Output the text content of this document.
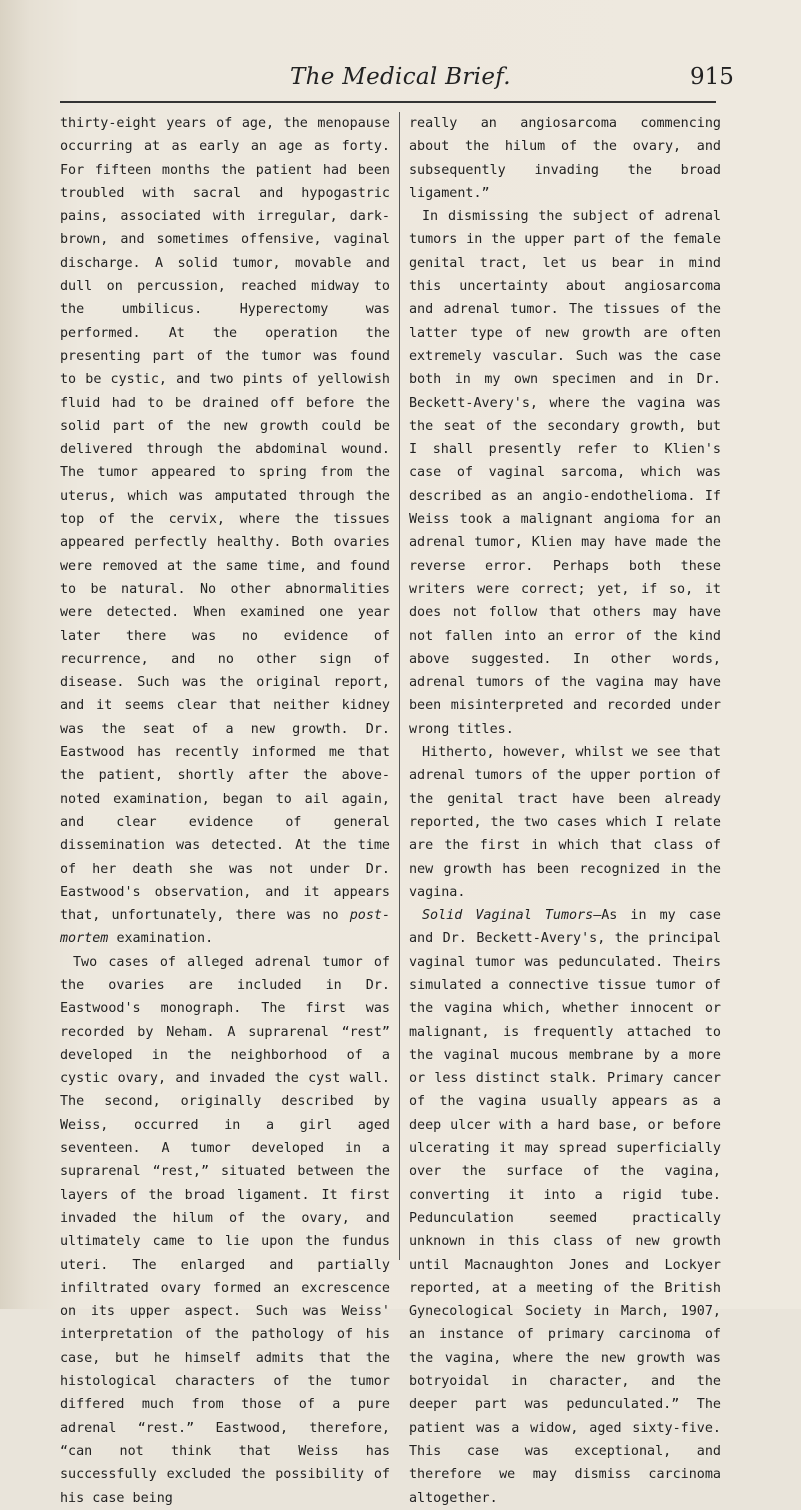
The Medical Brief.	915

thirty-eight years of age, the menopause occurring at as early an age as forty. For fifteen months the patient had been troubled with sacral and hypogastric pains, associated with irregular, dark-brown, and sometimes offensive, vaginal discharge. A solid tumor, movable and dull on percussion, reached midway to the umbilicus. Hyperectomy was performed. At the operation the presenting part of the tumor was found to be cystic, and two pints of yellowish fluid had to be drained off before the solid part of the new growth could be delivered through the abdominal wound. The tumor appeared to spring from the uterus, which was amputated through the top of the cervix, where the tissues appeared perfectly healthy. Both ovaries were removed at the same time, and found to be natural. No other abnormalities were detected. When examined one year later there was no evidence of recurrence, and no other sign of disease. Such was the original report, and it seems clear that neither kidney was the seat of a new growth. Dr. Eastwood has recently informed me that the patient, shortly after the above-noted examination, began to ail again, and clear evidence of general dissemination was detected. At the time of her death she was not under Dr. Eastwood's observation, and it appears that, unfortunately, there was no post-mortem examination.

Two cases of alleged adrenal tumor of the ovaries are included in Dr. Eastwood's monograph. The first was recorded by Neham. A suprarenal “rest” developed in the neighborhood of a cystic ovary, and invaded the cyst wall. The second, originally described by Weiss, occurred in a girl aged seventeen. A tumor developed in a suprarenal “rest,” situated between the layers of the broad ligament. It first invaded the hilum of the ovary, and ultimately came to lie upon the fundus uteri. The enlarged and partially infiltrated ovary formed an excrescence on its upper aspect. Such was Weiss' interpretation of the pathology of his case, but he himself admits that the histological characters of the tumor differed much from those of a pure adrenal “rest.” Eastwood, therefore, “can not think that Weiss has successfully excluded the possibility of his case being

really an angiosarcoma commencing about the hilum of the ovary, and subsequently invading the broad ligament.”

In dismissing the subject of adrenal tumors in the upper part of the female genital tract, let us bear in mind this uncertainty about angiosarcoma and adrenal tumor. The tissues of the latter type of new growth are often extremely vascular. Such was the case both in my own specimen and in Dr. Beckett-Avery's, where the vagina was the seat of the secondary growth, but I shall presently refer to Klien's case of vaginal sarcoma, which was described as an angio-endothelioma. If Weiss took a malignant angioma for an adrenal tumor, Klien may have made the reverse error. Perhaps both these writers were correct; yet, if so, it does not follow that others may have not fallen into an error of the kind above suggested. In other words, adrenal tumors of the vagina may have been misinterpreted and recorded under wrong titles.

Hitherto, however, whilst we see that adrenal tumors of the upper portion of the genital tract have been already reported, the two cases which I relate are the first in which that class of new growth has been recognized in the vagina.

Solid Vaginal Tumors—As in my case and Dr. Beckett-Avery's, the principal vaginal tumor was pedunculated. Theirs simulated a connective tissue tumor of the vagina which, whether innocent or malignant, is frequently attached to the vaginal mucous membrane by a more or less distinct stalk. Primary cancer of the vagina usually appears as a deep ulcer with a hard base, or before ulcerating it may spread superficially over the surface of the vagina, converting it into a rigid tube. Pedunculation seemed practically unknown in this class of new growth until Macnaughton Jones and Lockyer reported, at a meeting of the British Gynecological Society in March, 1907, an instance of primary carcinoma of the vagina, where the new growth was botryoidal in character, and the deeper part was pedunculated.” The patient was a widow, aged sixty-five. This case was exceptional, and therefore we may dismiss carcinoma altogether.
